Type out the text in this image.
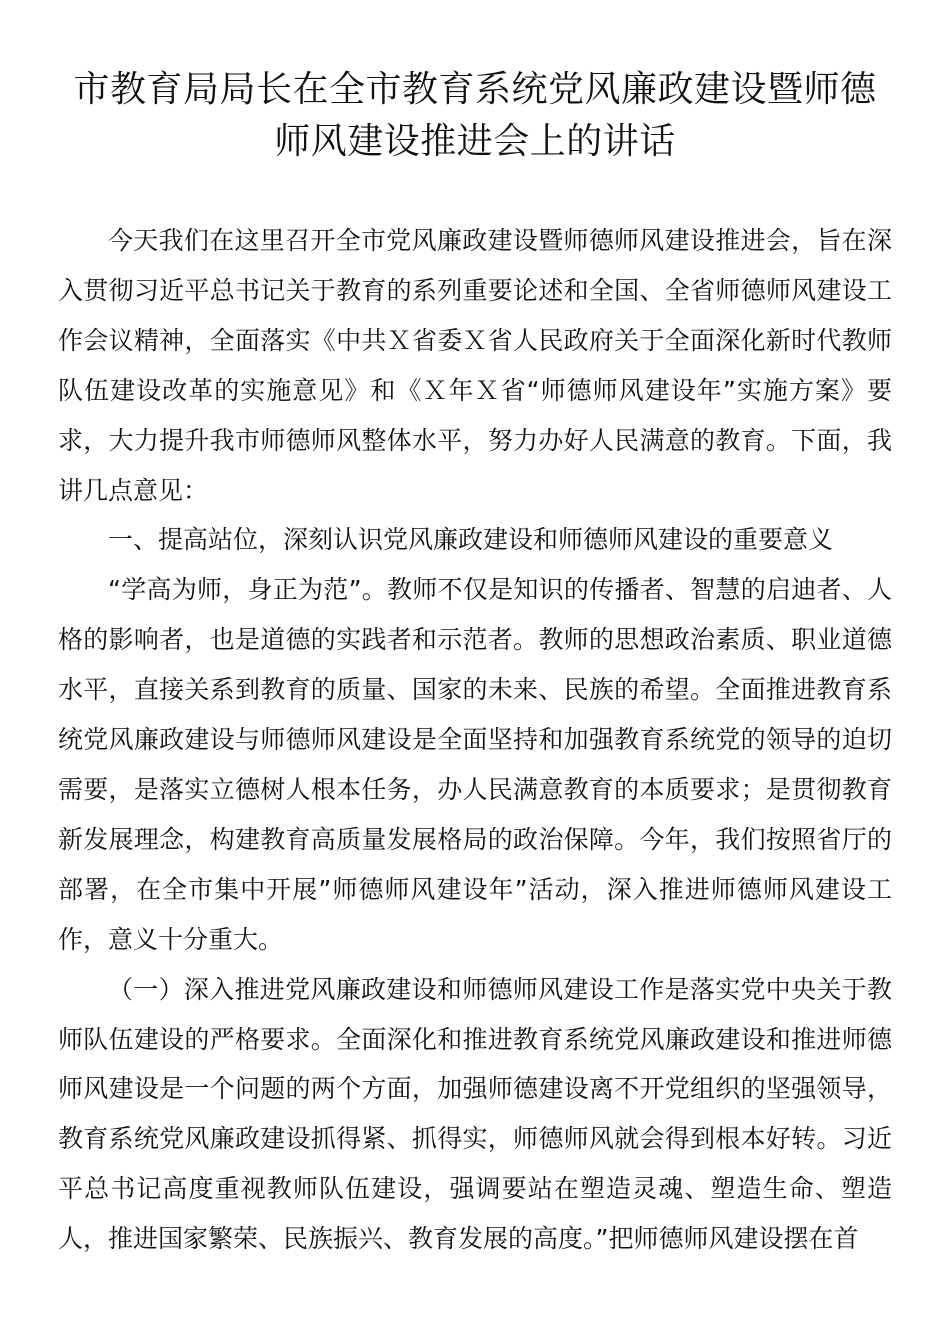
市教育局局长在全市教育系统党风廉政建设暨师德师风建设推进会上的讲话

今天我们在这里召开全市党风廉政建设暨师德师风建设推进会，旨在深入贯彻习近平总书记关于教育的系列重要论述和全国、全省师德师风建设工作会议精神，全面落实《中共Ｘ省委Ｘ省人民政府关于全面深化新时代教师队伍建设改革的实施意见》和《Ｘ年Ｘ省“师德师风建设年”实施方案》要求，大力提升我市师德师风整体水平，努力办好人民满意的教育。下面，我讲几点意见：

一、提高站位，深刻认识党风廉政建设和师德师风建设的重要意义

“学高为师，身正为范”。教师不仅是知识的传播者、智慧的启迪者、人格的影响者，也是道德的实践者和示范者。教师的思想政治素质、职业道德水平，直接关系到教育的质量、国家的未来、民族的希望。全面推进教育系统党风廉政建设与师德师风建设是全面坚持和加强教育系统党的领导的迫切需要，是落实立德树人根本任务，办人民满意教育的本质要求；是贯彻教育新发展理念，构建教育高质量发展格局的政治保障。今年，我们按照省厅的部署，在全市集中开展”师德师风建设年”活动，深入推进师德师风建设工作，意义十分重大。

（一）深入推进党风廉政建设和师德师风建设工作是落实党中央关于教师队伍建设的严格要求。全面深化和推进教育系统党风廉政建设和推进师德师风建设是一个问题的两个方面，加强师德建设离不开党组织的坚强领导，教育系统党风廉政建设抓得紧、抓得实，师德师风就会得到根本好转。习近平总书记高度重视教师队伍建设，强调要站在塑造灵魂、塑造生命、塑造人，推进国家繁荣、民族振兴、教育发展的高度。”把师德师风建设摆在首
